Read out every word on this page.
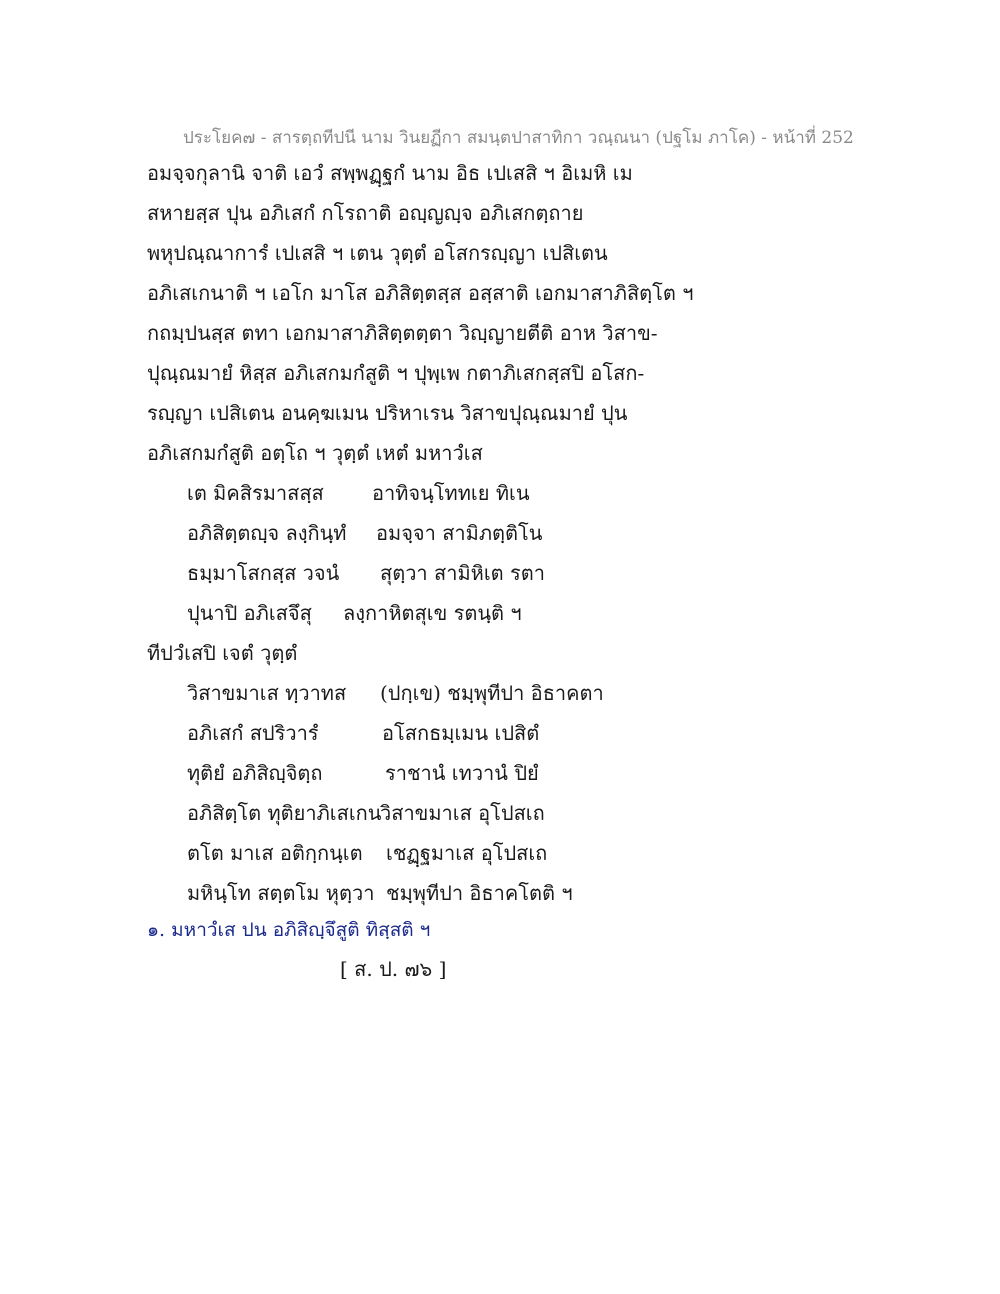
ประโยค๗ - สารตฺถทีปนี นาม วินยฏีกา สมนฺตปาสาทิกา วณฺณนา (ปฐโม ภาโค) - หน้าที่ 252
อมจฺจกุลานิ จาติ เอวํ สพฺพฏฺฐกํ นาม อิธ เปเสสิ ฯ อิเมหิ เม
สหายสฺส ปุน อภิเสกํ กโรถาติ อญฺญญฺจ อภิเสกตฺถาย
พหุปณฺณาการํ เปเสสิ ฯ เตน วุตฺตํ อโสกรญฺญา เปสิเตน
อภิเสเกนาติ ฯ เอโก มาโส อภิสิตฺตสฺส อสฺสาติ เอกมาสาภิสิตฺโต ฯ
กถมฺปนสฺส ตทา เอกมาสาภิสิตฺตตฺตา วิญฺญายตีติ อาห วิสาข-
ปุณฺณมายํ หิสฺส อภิเสกมกํสูติ ฯ ปุพฺเพ กตาภิเสกสฺสปิ อโสก-
รญฺญา เปสิเตน อนคฺฆเมน ปริหาเรน วิสาขปุณฺณมายํ ปุน
อภิเสกมกํสูติ อตฺโถ ฯ วุตฺตํ เหตํ มหาวํเส
เต มิคสิรมาสสฺส อาทิจนฺโททเย ทิเน
อภิสิตฺตญฺจ ลงฺกินฺทํ อมจฺจา สามิภตฺติโน
ธมฺมาโสกสฺส วจนํ สุตฺวา สามิหิเต รตา
ปุนาปิ อภิเสจึสุ ลงฺกาหิตสุเข รตนฺติ ฯ
ทีปวํเสปิ เจตํ วุตฺตํ
วิสาขมาเส ทฺวาทส (ปกฺเข) ชมฺพุทีปา อิธาคตา
อภิเสกํ สปริวารํ	อโสกธมฺเมน เปสิตํ
ทุติยํ อภิสิญฺจิตฺถ	ราชานํ เทวานํ ปิยํ
อภิสิตฺโต ทุติยาภิเสเกน
วิสาขมาเส อุโปสเถ
ตโต มาเส อติกฺกนฺเต เชฏฺฐมาเส อุโปสเถ
มหินฺโท สตฺตโม หุตฺวา ชมฺพุทีปา อิธาคโตติ ฯ
๑. มหาวํเส ปน อภิสิญฺจึสูติ ทิสฺสติ ฯ
[ ส. ป. ๗๖ ]
